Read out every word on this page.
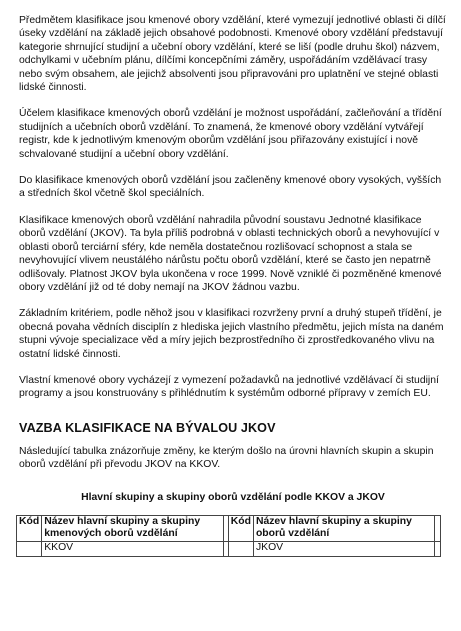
Předmětem klasifikace jsou kmenové obory vzdělání, které vymezují jednotlivé oblasti či dílčí úseky vzdělání na základě jejich obsahové podobnosti. Kmenové obory vzdělání představují kategorie shrnující studijní a učební obory vzdělání, které se liší (podle druhu škol) názvem, odchylkami v učebním plánu, dílčími koncepčními záměry, uspořádáním vzdělávací trasy nebo svým obsahem, ale jejichž absolventi jsou připravováni pro uplatnění ve stejné oblasti lidské činnosti.

Účelem klasifikace kmenových oborů vzdělání je možnost uspořádání, začleňování a třídění studijních a učebních oborů vzdělání. To znamená, že kmenové obory vzdělání vytvářejí registr, kde k jednotlivým kmenovým oborům vzdělání jsou přiřazovány existující i nově schvalované studijní a učební obory vzdělání.

Do klasifikace kmenových oborů vzdělání jsou začleněny kmenové obory vysokých, vyšších a středních škol včetně škol speciálních.

Klasifikace kmenových oborů vzdělání nahradila původní soustavu Jednotné klasifikace oborů vzdělání (JKOV). Ta byla příliš podrobná v oblasti technických oborů a nevyhovující v oblasti oborů terciární sféry, kde neměla dostatečnou rozlišovací schopnost a stala se nevyhovující vlivem neustálého nárůstu počtu oborů vzdělání, které se často jen nepatrně odlišovaly. Platnost JKOV byla ukončena v roce 1999. Nově vzniklé či pozměněné kmenové obory vzdělání již od té doby nemají na JKOV žádnou vazbu.

Základním kritériem, podle něhož jsou v klasifikaci rozvrženy první a druhý stupeň třídění, je obecná povaha vědních disciplín z hlediska jejich vlastního předmětu, jejich místa na daném stupni vývoje specializace věd a míry jejich bezprostředního či zprostředkovaného vlivu na ostatní lidské činnosti.

Vlastní kmenové obory vycházejí z vymezení požadavků na jednotlivé vzdělávací či studijní programy a jsou konstruovány s přihlédnutím k systémům odborné přípravy v zemích EU.

VAZBA KLASIFIKACE NA BÝVALOU JKOV

Následující tabulka znázorňuje změny, ke kterým došlo na úrovni hlavních skupin a skupin oborů vzdělání při převodu JKOV na KKOV.

Hlavní skupiny a skupiny oborů vzdělání podle KKOV a JKOV
Kód	Název hlavní skupiny a skupiny kmenových oborů vzdělání		Kód	Název hlavní skupiny a skupiny oborů vzdělání	
	KKOV			JKOV	
